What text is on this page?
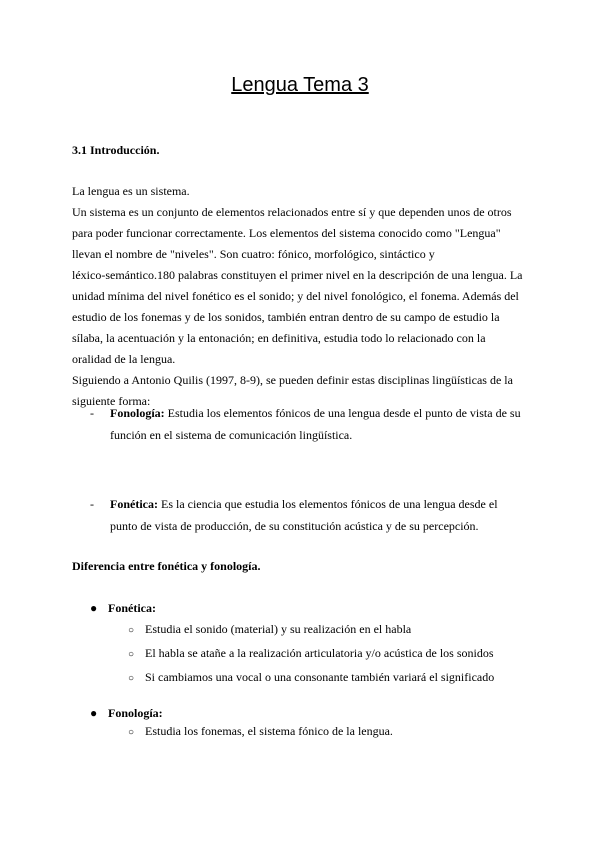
Lengua Tema 3
3.1 Introducción.

La lengua es un sistema.

Un sistema es un conjunto de elementos relacionados entre sí y que dependen unos de otros

para poder funcionar correctamente. Los elementos del sistema conocido como "Lengua"

llevan el nombre de "niveles". Son cuatro: fónico, morfológico, sintáctico y

léxico-semántico.180 palabras constituyen el primer nivel en la descripción de una lengua. La

unidad mínima del nivel fonético es el sonido; y del nivel fonológico, el fonema. Además del

estudio de los fonemas y de los sonidos, también entran dentro de su campo de estudio la

sílaba, la acentuación y la entonación; en definitiva, estudia todo lo relacionado con la

oralidad de la lengua.

Siguiendo a Antonio Quilis (1997, 8-9), se pueden definir estas disciplinas lingüísticas de la

siguiente forma:

- Fonología: Estudia los elementos fónicos de una lengua desde el punto de vista de su
función en el sistema de comunicación lingüística.
- Fonética: Es la ciencia que estudia los elementos fónicos de una lengua desde el
punto de vista de producción, de su constitución acústica y de su percepción.
Diferencia entre fonética y fonología.
● Fonética:
○ Estudia el sonido (material) y su realización en el habla
○ El habla se atañe a la realización articulatoria y/o acústica de los sonidos
○ Si cambiamos una vocal o una consonante también variará el significado
● Fonología:
○ Estudia los fonemas, el sistema fónico de la lengua.
